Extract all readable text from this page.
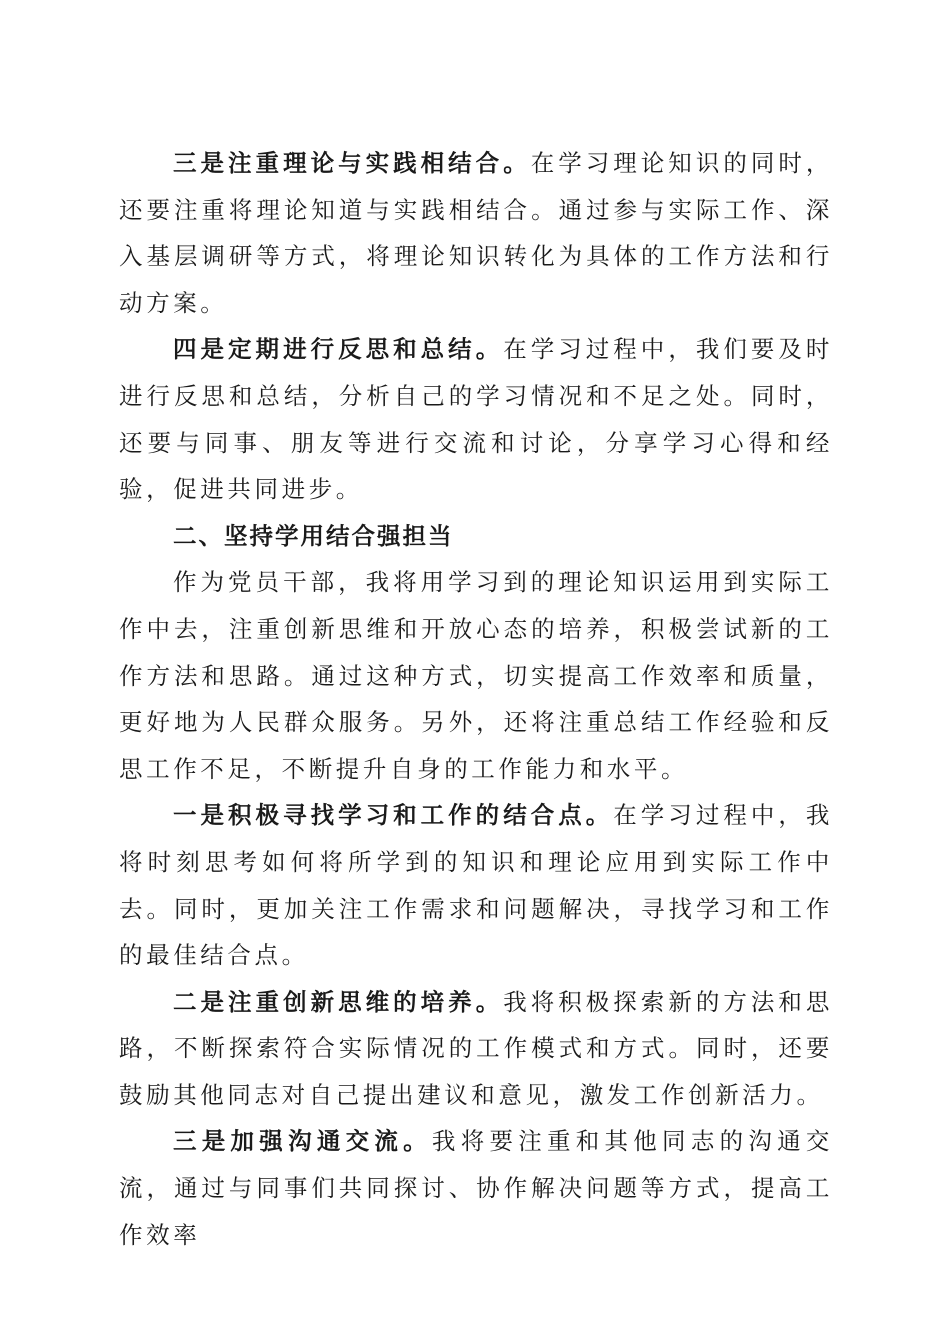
三是注重理论与实践相结合。在学习理论知识的同时，还要注重将理论知道与实践相结合。通过参与实际工作、深入基层调研等方式，将理论知识转化为具体的工作方法和行动方案。

四是定期进行反思和总结。在学习过程中，我们要及时进行反思和总结，分析自己的学习情况和不足之处。同时，还要与同事、朋友等进行交流和讨论，分享学习心得和经验，促进共同进步。

二、坚持学用结合强担当

作为党员干部，我将用学习到的理论知识运用到实际工作中去，注重创新思维和开放心态的培养，积极尝试新的工作方法和思路。通过这种方式，切实提高工作效率和质量，更好地为人民群众服务。另外，还将注重总结工作经验和反思工作不足，不断提升自身的工作能力和水平。

一是积极寻找学习和工作的结合点。在学习过程中，我将时刻思考如何将所学到的知识和理论应用到实际工作中去。同时，更加关注工作需求和问题解决，寻找学习和工作的最佳结合点。

二是注重创新思维的培养。我将积极探索新的方法和思路，不断探索符合实际情况的工作模式和方式。同时，还要鼓励其他同志对自己提出建议和意见，激发工作创新活力。

三是加强沟通交流。我将要注重和其他同志的沟通交流，通过与同事们共同探讨、协作解决问题等方式，提高工作效率
